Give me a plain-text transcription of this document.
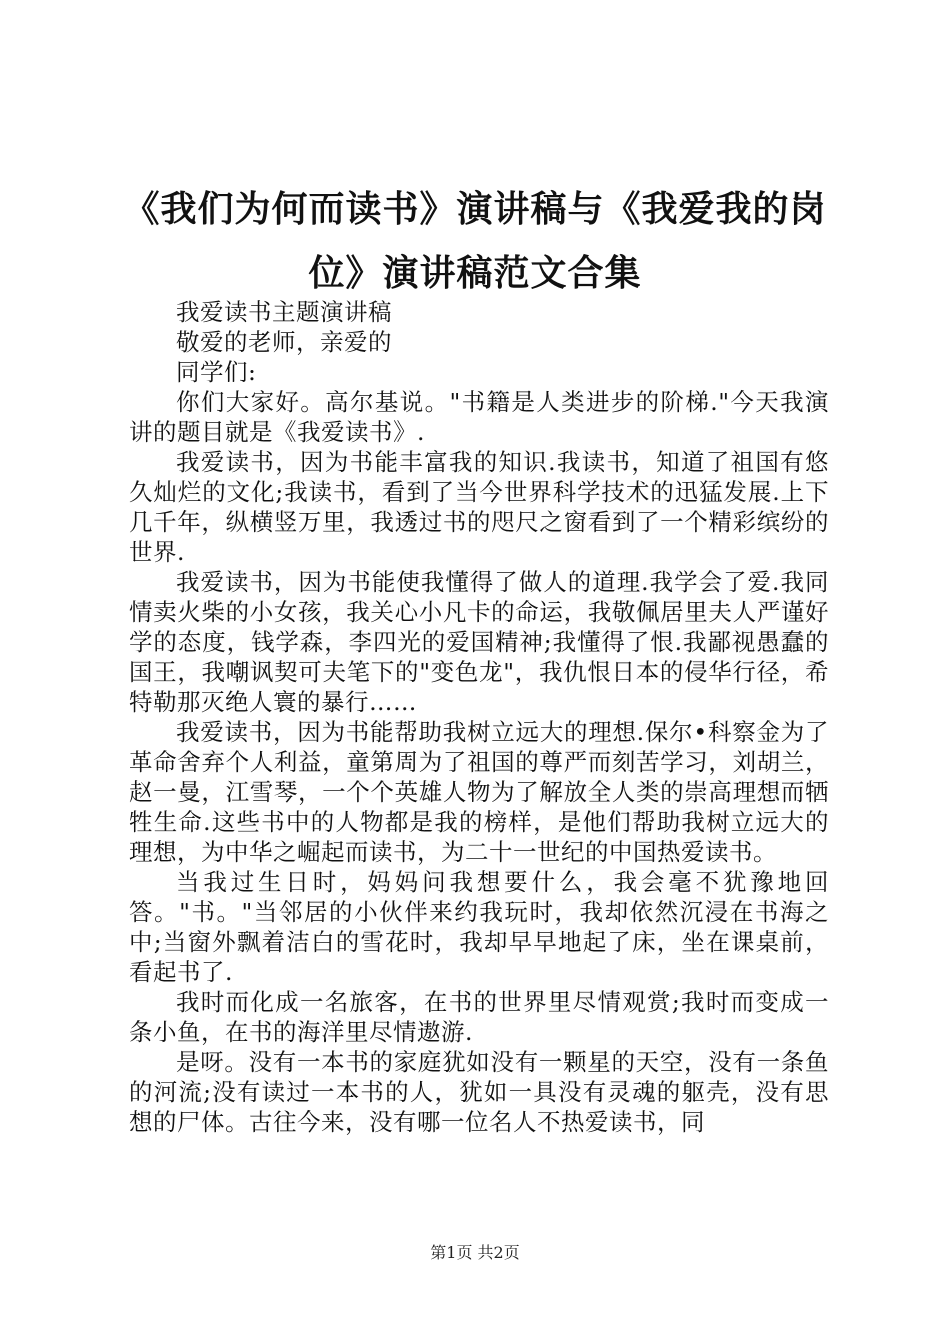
《我们为何而读书》演讲稿与《我爱我的岗位》演讲稿范文合集

我爱读书主题演讲稿

敬爱的老师，亲爱的

同学们:

你们大家好。高尔基说。"书籍是人类进步的阶梯."今天我演讲的题目就是《我爱读书》.

我爱读书，因为书能丰富我的知识.我读书，知道了祖国有悠久灿烂的文化;我读书，看到了当今世界科学技术的迅猛发展.上下几千年，纵横竖万里，我透过书的咫尺之窗看到了一个精彩缤纷的世界.

我爱读书，因为书能使我懂得了做人的道理.我学会了爱.我同情卖火柴的小女孩，我关心小凡卡的命运，我敬佩居里夫人严谨好学的态度，钱学森，李四光的爱国精神;我懂得了恨.我鄙视愚蠢的国王，我嘲讽契可夫笔下的"变色龙"，我仇恨日本的侵华行径，希特勒那灭绝人寰的暴行……

我爱读书，因为书能帮助我树立远大的理想.保尔•科察金为了革命舍弃个人利益，童第周为了祖国的尊严而刻苦学习，刘胡兰，赵一曼，江雪琴，一个个英雄人物为了解放全人类的崇高理想而牺牲生命.这些书中的人物都是我的榜样，是他们帮助我树立远大的理想，为中华之崛起而读书，为二十一世纪的中国热爱读书。

当我过生日时，妈妈问我想要什么，我会毫不犹豫地回答。"书。"当邻居的小伙伴来约我玩时，我却依然沉浸在书海之中;当窗外飘着洁白的雪花时，我却早早地起了床，坐在课桌前，看起书了.

我时而化成一名旅客，在书的世界里尽情观赏;我时而变成一条小鱼，在书的海洋里尽情遨游.

是呀。没有一本书的家庭犹如没有一颗星的天空，没有一条鱼的河流;没有读过一本书的人，犹如一具没有灵魂的躯壳，没有思想的尸体。古往今来，没有哪一位名人不热爱读书，同

第1页 共2页
